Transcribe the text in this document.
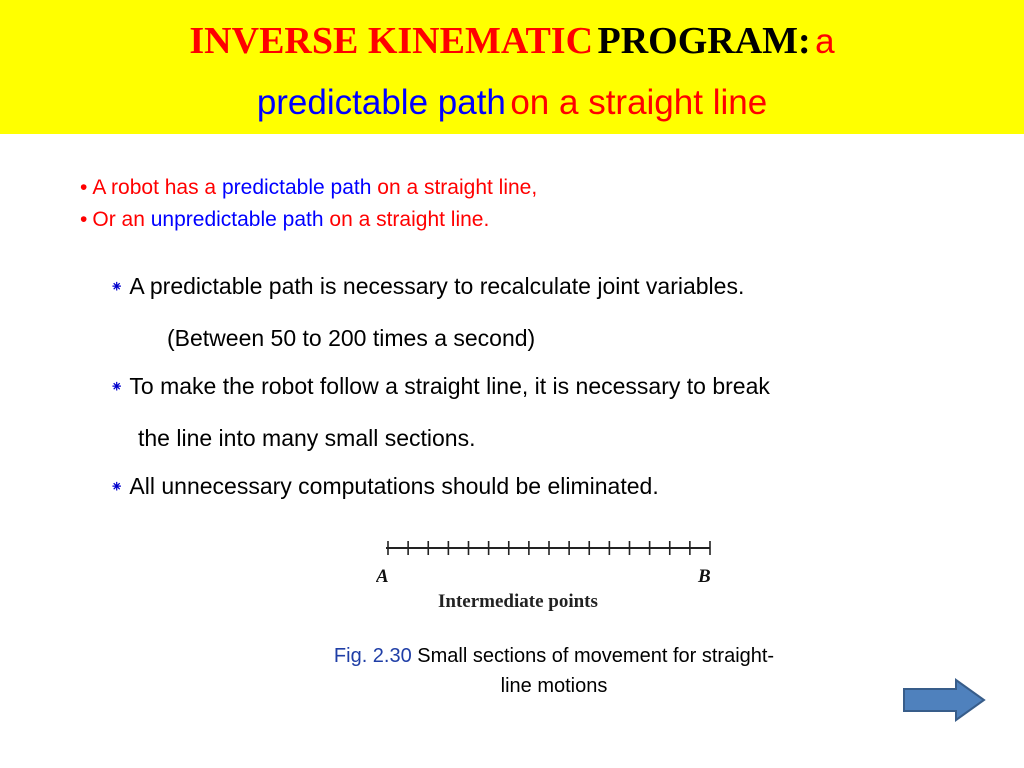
INVERSE KINEMATIC PROGRAM: a
predictable path on a straight line
• A robot has a predictable path on a straight line,
• Or an unpredictable path on a straight line.
⁕ A predictable path is necessary to recalculate joint variables.
(Between 50 to 200 times a second)
⁕ To make the robot follow a straight line, it is necessary to break
the line into many small sections.
⁕ All unnecessary computations should be eliminated.
A	B
Intermediate points
Fig. 2.30 Small sections of movement for straight-
line motions
